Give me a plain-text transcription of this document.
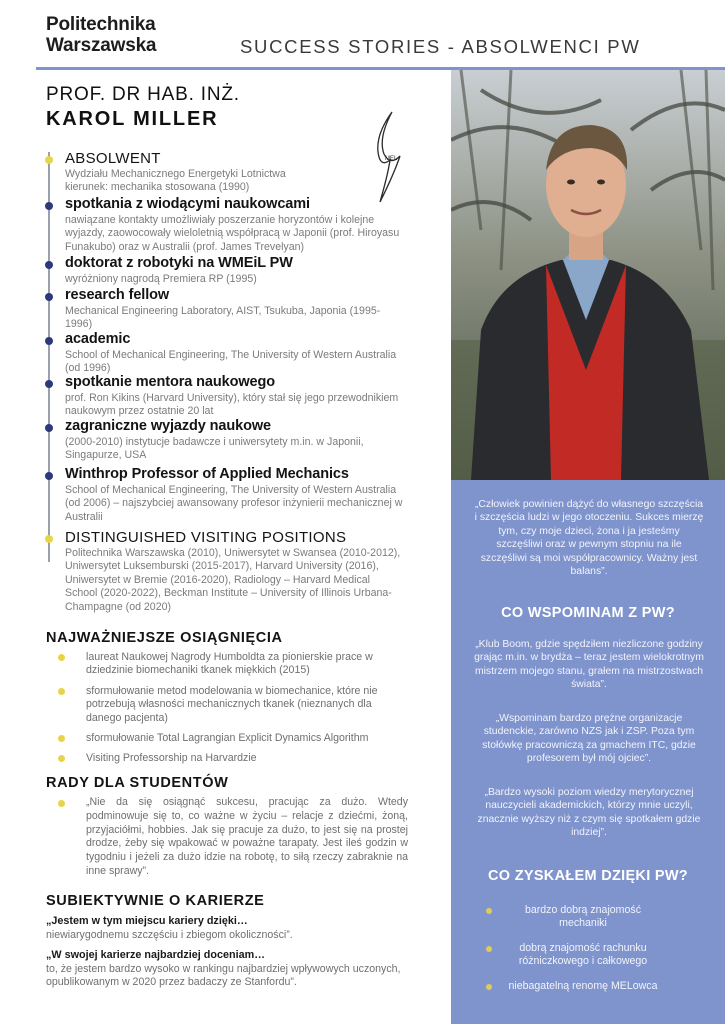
Politechnika
Warszawska	SUCCESS STORIES - ABSOLWENCI PW
PROF. DR HAB. INŻ.
KAROL MILLER
MEL
ABSOLWENT
Wydziału Mechanicznego Energetyki Lotnictwa kierunek: mechanika stosowana (1990)
spotkania z wiodącymi naukowcami
nawiązane kontakty umożliwiały poszerzanie horyzontów i kolejne wyjazdy, zaowocowały wieloletnią współpracą w Japonii (prof. Hiroyasu Funakubo) oraz w Australii (prof. James Trevelyan)
doktorat z robotyki na WMEiL PW
wyróżniony nagrodą Premiera RP (1995)
research fellow
Mechanical Engineering Laboratory, AIST, Tsukuba, Japonia (1995-1996)
academic
School of Mechanical Engineering, The University of Western Australia (od 1996)
spotkanie mentora naukowego
prof. Ron Kikins (Harvard University), który stał się jego przewodnikiem naukowym przez ostatnie 20 lat
zagraniczne wyjazdy naukowe
(2000-2010) instytucje badawcze i uniwersytety m.in. w Japonii, Singapurze, USA
Winthrop Professor of Applied Mechanics
School of Mechanical Engineering, The University of Western Australia (od 2006) – najszybciej awansowany profesor inżynierii mechanicznej w Australii
DISTINGUISHED VISITING POSITIONS
Politechnika Warszawska (2010), Uniwersytet w Swansea (2010-2012), Uniwersytet Luksemburski (2015-2017), Harvard University (2016), Uniwersytet w Bremie (2016-2020), Radiology – Harvard Medical School (2020-2022), Beckman Institute – University of Illinois Urbana-Champagne (od 2020)
NAJWAŻNIEJSZE OSIĄGNIĘCIA
laureat Naukowej Nagrody Humboldta za pionierskie prace w dziedzinie biomechaniki tkanek miękkich (2015)
sformułowanie metod modelowania w biomechanice, które nie potrzebują własności mechanicznych tkanek (nieznanych dla danego pacjenta)
sformułowanie Total Lagrangian Explicit Dynamics Algorithm
Visiting Professorship na Harvardzie
RADY DLA STUDENTÓW
„Nie da się osiągnąć sukcesu, pracując za dużo. Wtedy podminowuje się to, co ważne w życiu – relacje z dziećmi, żoną, przyjaciółmi, hobbies. Jak się pracuje za dużo, to jest się na prostej drodze, żeby się wpakować w poważne tarapaty. Jest ileś godzin w tygodniu i jeżeli za dużo idzie na robotę, to siłą rzeczy zabraknie na inne sprawy”.
SUBIEKTYWNIE O KARIERZE
„Jestem w tym miejscu kariery dzięki…
niewiarygodnemu szczęściu i zbiegom okoliczności”.
„W swojej karierze najbardziej doceniam…
to, że jestem bardzo wysoko w rankingu najbardziej wpływowych uczonych, opublikowanym w 2020 przez badaczy ze Stanfordu”.
„Człowiek powinien dążyć do własnego szczęścia i szczęścia ludzi w jego otoczeniu. Sukces mierzę tym, czy moje dzieci, żona i ja jesteśmy szczęśliwi oraz w pewnym stopniu na ile szczęśliwi są moi współpracownicy. Ważny jest balans”.
CO WSPOMINAM Z PW?
„Klub Boom, gdzie spędziłem niezliczone godziny grając m.in. w brydża – teraz jestem wielokrotnym mistrzem mojego stanu, grałem na mistrzostwach świata”.
„Wspominam bardzo prężne organizacje studenckie, zarówno NZS jak i ZSP. Poza tym stołówkę pracowniczą za gmachem ITC, gdzie profesorem był mój ojciec”.
„Bardzo wysoki poziom wiedzy merytorycznej nauczycieli akademickich, którzy mnie uczyli, znacznie wyższy niż z czym się spotkałem gdzie indziej”.
CO ZYSKAŁEM DZIĘKI PW?
bardzo dobrą znajomość mechaniki
dobrą znajomość rachunku różniczkowego i całkowego
niebagatelną renomę MELowca
